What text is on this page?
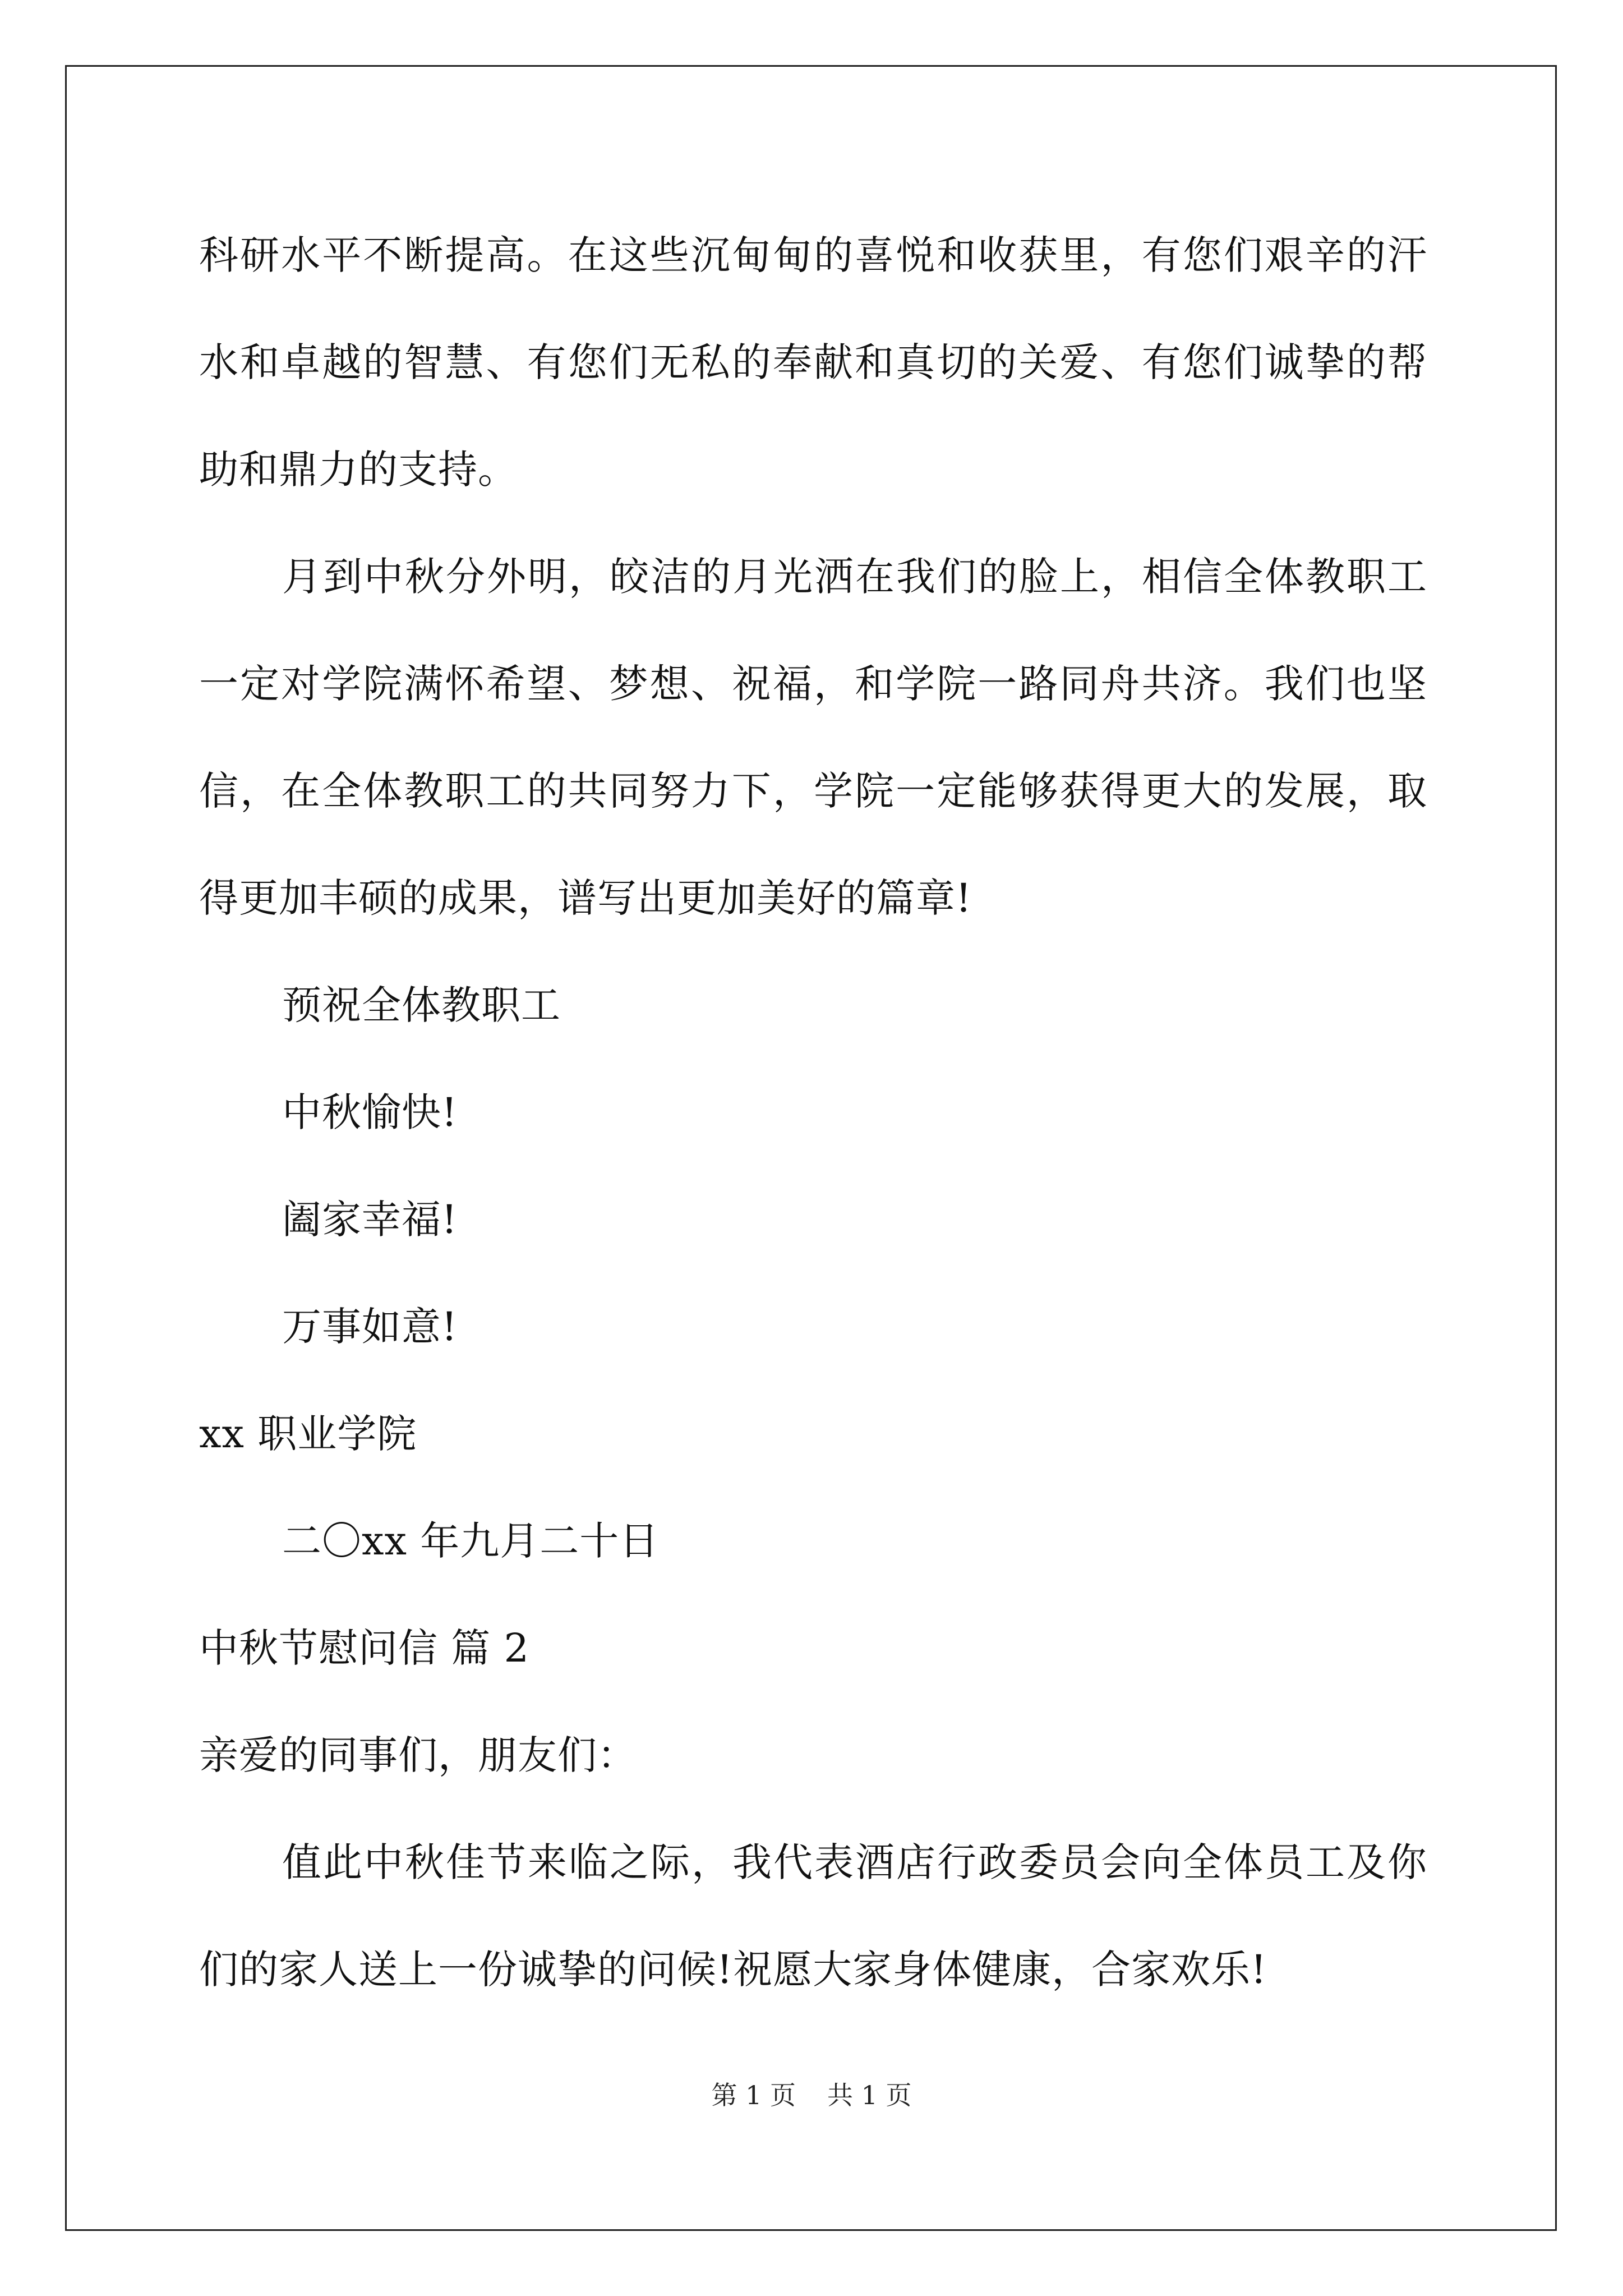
科研水平不断提高。在这些沉甸甸的喜悦和收获里，有您们艰辛的汗
水和卓越的智慧、有您们无私的奉献和真切的关爱、有您们诚挚的帮
助和鼎力的支持。
月到中秋分外明，皎洁的月光洒在我们的脸上，相信全体教职工
一定对学院满怀希望、梦想、祝福，和学院一路同舟共济。我们也坚
信，在全体教职工的共同努力下，学院一定能够获得更大的发展，取
得更加丰硕的成果，谱写出更加美好的篇章!
预祝全体教职工
中秋愉快!
阖家幸福!
万事如意!
xx 职业学院
二〇xx 年九月二十日
中秋节慰问信 篇 2
亲爱的同事们，朋友们：
值此中秋佳节来临之际，我代表酒店行政委员会向全体员工及你
们的家人送上一份诚挚的问候!祝愿大家身体健康，合家欢乐!
第 1 页 共 1 页
